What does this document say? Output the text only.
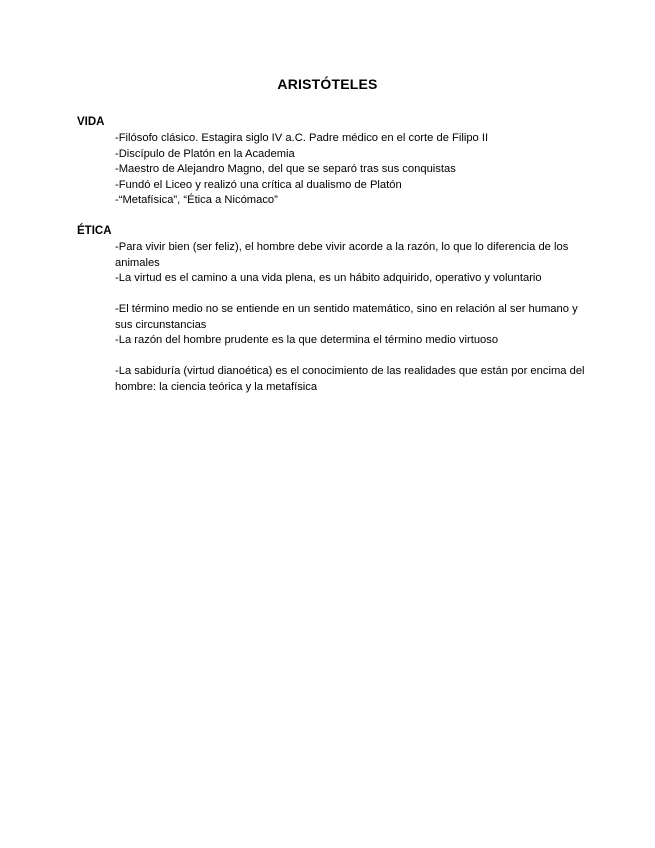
ARISTÓTELES
VIDA

-Filósofo clásico. Estagira siglo IV a.C. Padre médico en el corte de Filipo II

-Discípulo de Platón en la Academia

-Maestro de Alejandro Magno, del que se separó tras sus conquistas

-Fundó el Liceo y realizó una crítica al dualismo de Platón

-“Metafísica”, “Ética a Nicómaco”

ÉTICA

-Para vivir bien (ser feliz), el hombre debe vivir acorde a la razón, lo que lo diferencia de los animales

-La virtud es el camino a una vida plena, es un hábito adquirido, operativo y voluntario

-El término medio no se entiende en un sentido matemático, sino en relación al ser humano y sus circunstancias

-La razón del hombre prudente es la que determina el término medio virtuoso

-La sabiduría (virtud dianoética) es el conocimiento de las realidades que están por encima del hombre: la ciencia teórica y la metafísica
